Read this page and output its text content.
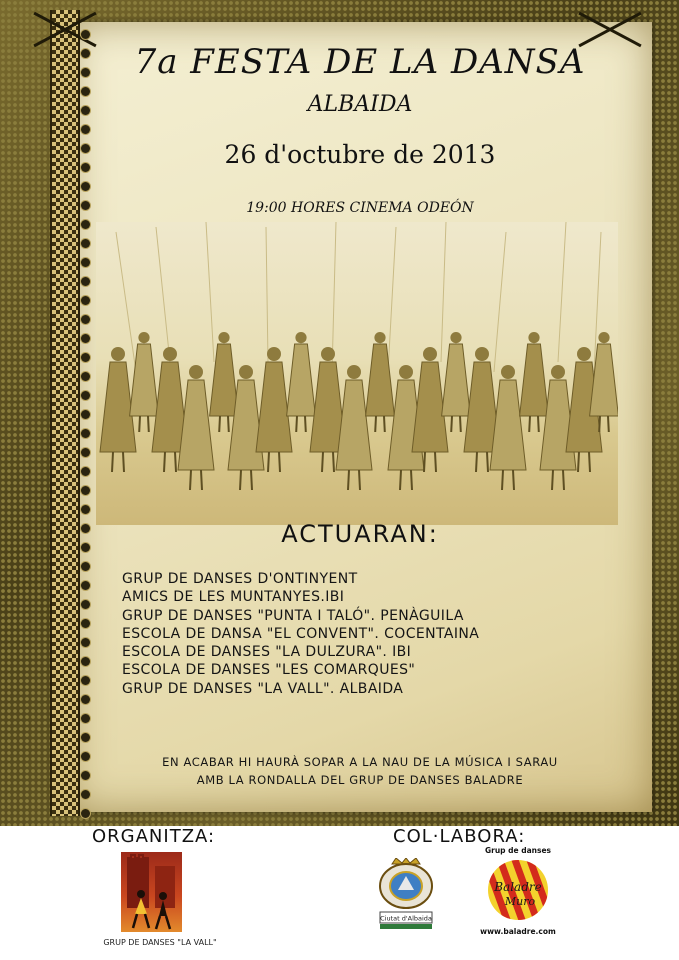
7a FESTA DE LA DANSA
ALBAIDA
26 d'octubre de 2013
19:00 HORES CINEMA ODEÓN
ACTUARAN:
GRUP DE DANSES D'ONTINYENT
AMICS DE LES MUNTANYES.IBI
GRUP DE DANSES "PUNTA I TALÓ". PENÀGUILA
ESCOLA DE DANSA "EL CONVENT". COCENTAINA
ESCOLA DE DANSES "LA DULZURA". IBI
ESCOLA DE DANSES "LES COMARQUES"
GRUP DE DANSES "LA VALL". ALBAIDA
EN ACABAR HI HAURÀ SOPAR A LA NAU DE LA MÚSICA I SARAU
AMB LA RONDALLA DEL GRUP DE DANSES BALADRE
ORGANITZA:	COL·LABORA:
GRUP DE DANSES "LA VALL"
Ciutat d'Albaida
Grup de danses
Baladre
Muro
www.baladre.com
